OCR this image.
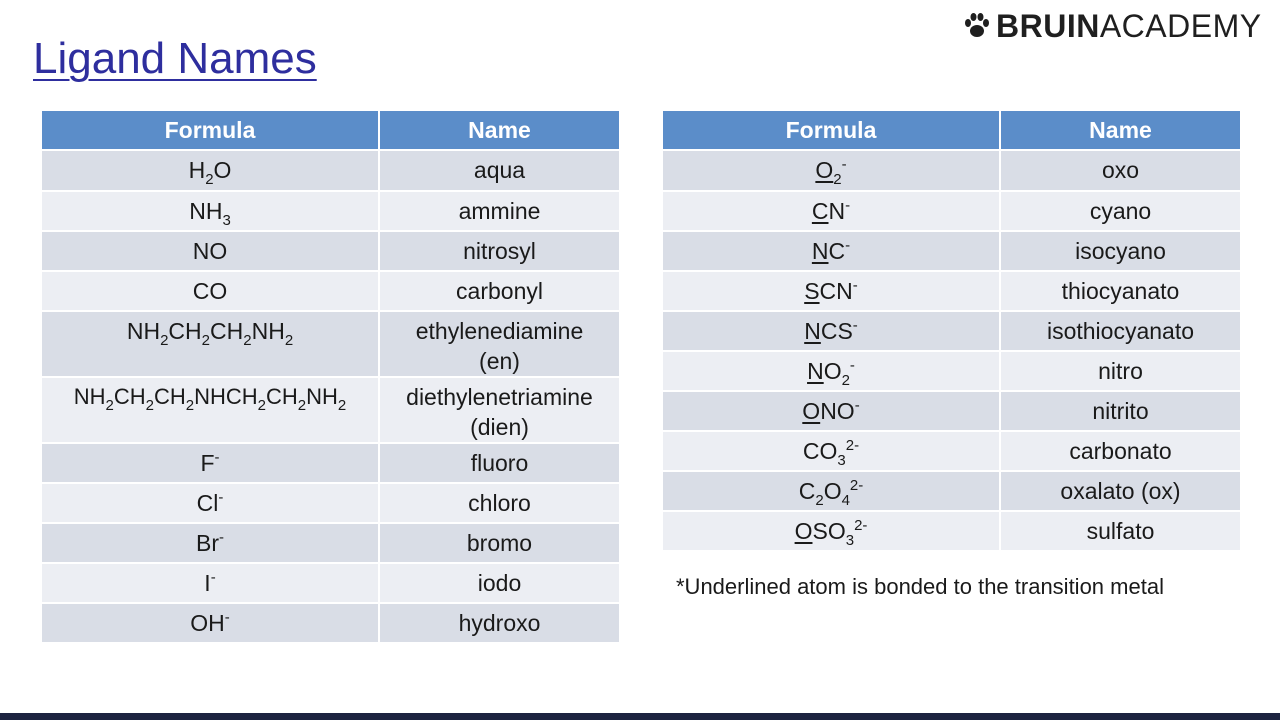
Ligand Names
BRUIN ACADEMY
Formula	Name
$H_2O$	aqua
$NH_3$	ammine
NO	nitrosyl
CO	carbonyl
$NH_2CH_2CH_2NH_2$	ethylenediamine
(en)
$NH_2CH_2CH_2NHCH_2CH_2NH_2$	diethylenetriamine
(dien)
F-	fluoro
Cl-	chloro
Br-	bromo
I-	iodo
OH-	hydroxo
Formula	Name
$O_2^-$	oxo
CN-	cyano
NC-	isocyano
SCN-	thiocyanato
NCS-	isothiocyanato
$NO_2^-$	nitro
ONO-	nitrito
$CO_3^{2-}$	carbonato
$C_2O_4^{2-}$	oxalato (ox)
$OSO_3^{2-}$	sulfato
*Underlined atom is bonded to the transition metal
